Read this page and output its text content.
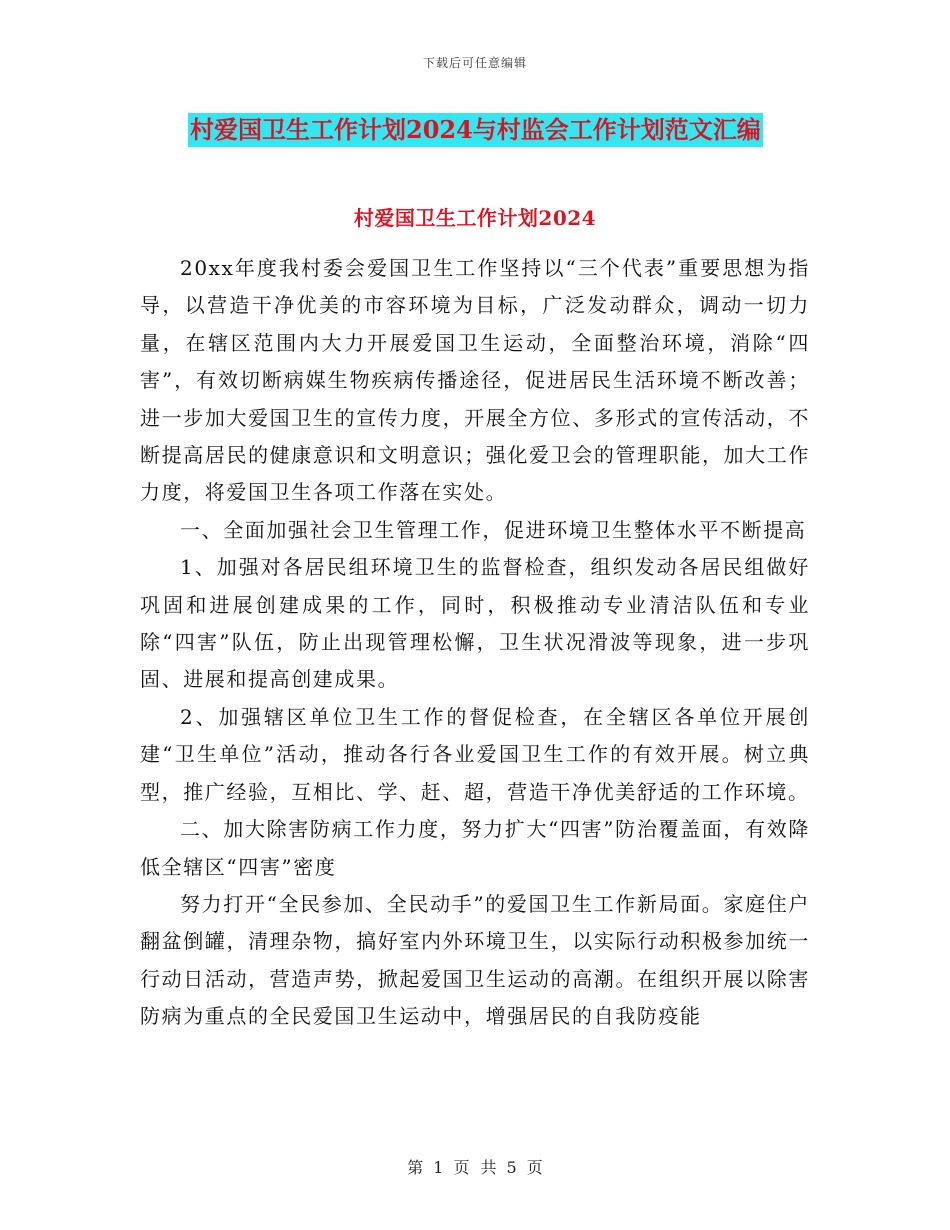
下载后可任意编辑
村爱国卫生工作计划2024与村监会工作计划范文汇编
村爱国卫生工作计划2024

20xx年度我村委会爱国卫生工作坚持以“三个代表”重要思想为指导，以营造干净优美的市容环境为目标，广泛发动群众，调动一切力量，在辖区范围内大力开展爱国卫生运动，全面整治环境，消除“四害”，有效切断病媒生物疾病传播途径，促进居民生活环境不断改善；进一步加大爱国卫生的宣传力度，开展全方位、多形式的宣传活动，不断提高居民的健康意识和文明意识；强化爱卫会的管理职能，加大工作力度，将爱国卫生各项工作落在实处。

一、全面加强社会卫生管理工作，促进环境卫生整体水平不断提高

1、加强对各居民组环境卫生的监督检查，组织发动各居民组做好巩固和进展创建成果的工作，同时，积极推动专业清洁队伍和专业除“四害”队伍，防止出现管理松懈，卫生状况滑波等现象，进一步巩固、进展和提高创建成果。

2、加强辖区单位卫生工作的督促检查，在全辖区各单位开展创建“卫生单位”活动，推动各行各业爱国卫生工作的有效开展。树立典型，推广经验，互相比、学、赶、超，营造干净优美舒适的工作环境。

二、加大除害防病工作力度，努力扩大“四害”防治覆盖面，有效降低全辖区“四害”密度

努力打开“全民参加、全民动手”的爱国卫生工作新局面。家庭住户翻盆倒罐，清理杂物，搞好室内外环境卫生，以实际行动积极参加统一行动日活动，营造声势，掀起爱国卫生运动的高潮。在组织开展以除害防病为重点的全民爱国卫生运动中，增强居民的自我防疫能

第 1 页 共 5 页
